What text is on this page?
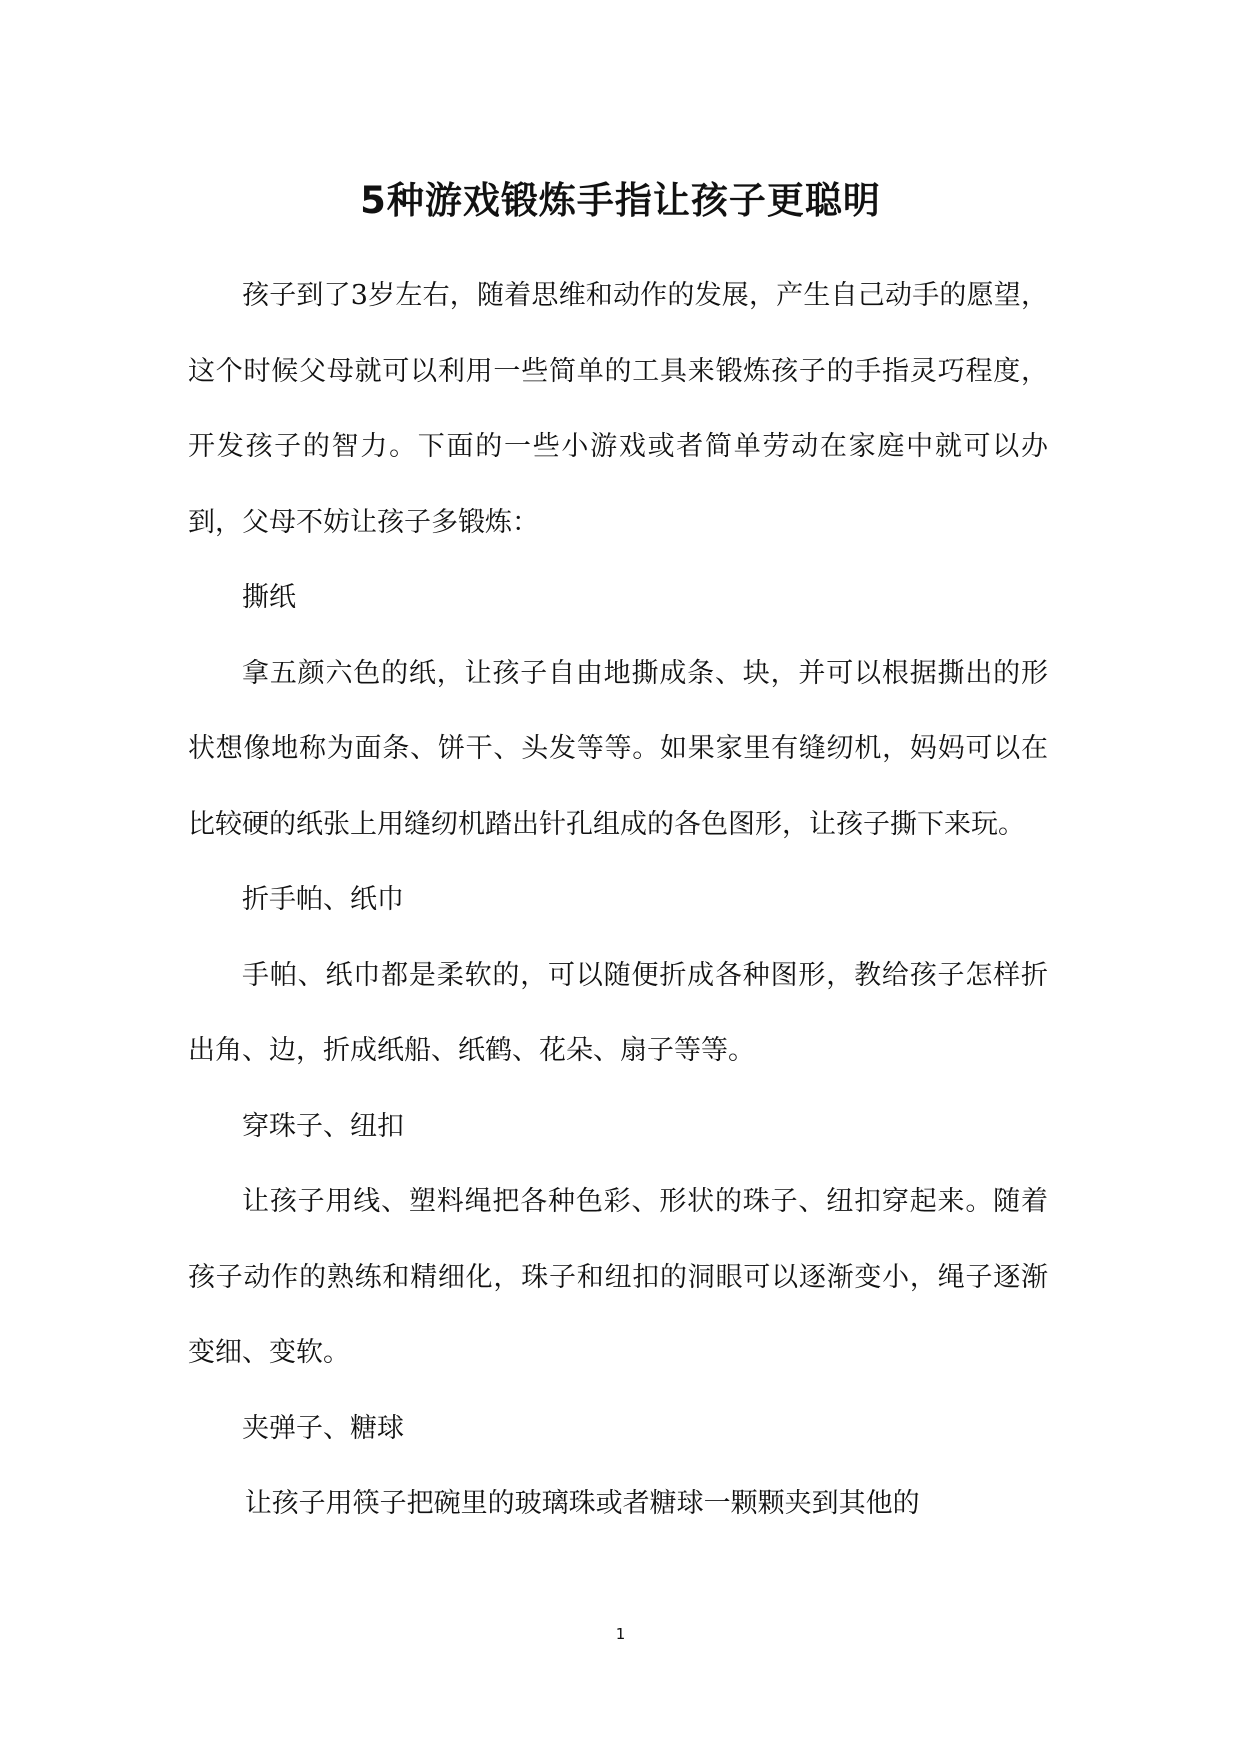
5种游戏锻炼手指让孩子更聪明

孩子到了3岁左右，随着思维和动作的发展，产生自己动手的愿望，这个时候父母就可以利用一些简单的工具来锻炼孩子的手指灵巧程度，开发孩子的智力。下面的一些小游戏或者简单劳动在家庭中就可以办到，父母不妨让孩子多锻炼：

撕纸

拿五颜六色的纸，让孩子自由地撕成条、块，并可以根据撕出的形状想像地称为面条、饼干、头发等等。如果家里有缝纫机，妈妈可以在比较硬的纸张上用缝纫机踏出针孔组成的各色图形，让孩子撕下来玩。

折手帕、纸巾

手帕、纸巾都是柔软的，可以随便折成各种图形，教给孩子怎样折出角、边，折成纸船、纸鹤、花朵、扇子等等。

穿珠子、纽扣

让孩子用线、塑料绳把各种色彩、形状的珠子、纽扣穿起来。随着孩子动作的熟练和精细化，珠子和纽扣的洞眼可以逐渐变小，绳子逐渐变细、变软。

夹弹子、糖球

让孩子用筷子把碗里的玻璃珠或者糖球一颗颗夹到其他的

1
